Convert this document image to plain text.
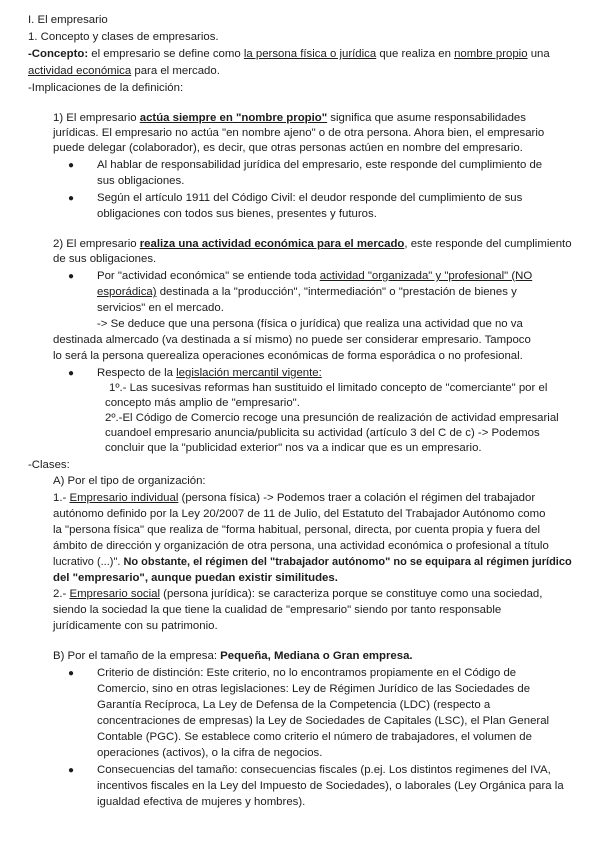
I. El empresario
1. Concepto y clases de empresarios.
-Concepto: el empresario se define como la persona física o jurídica que realiza en nombre propio una
actividad económica para el mercado.
-Implicaciones de la definición:
1) El empresario actúa siempre en "nombre propio" significa que asume responsabilidades
jurídicas. El empresario no actúa "en nombre ajeno" o de otra persona. Ahora bien, el empresario
puede delegar (colaborador), es decir, que otras personas actúen en nombre del empresario.
● Al hablar de responsabilidad jurídica del empresario, este responde del cumplimiento de
sus obligaciones.
● Según el artículo 1911 del Código Civil: el deudor responde del cumplimiento de sus
obligaciones con todos sus bienes, presentes y futuros.
2) El empresario realiza una actividad económica para el mercado, este responde del cumplimiento
de sus obligaciones.
● Por "actividad económica" se entiende toda actividad "organizada" y "profesional" (NO
esporádica) destinada a la "producción", "intermediación" o "prestación de bienes y
servicios" en el mercado.
-> Se deduce que una persona (física o jurídica) que realiza una actividad que no va
destinada almercado (va destinada a sí mismo) no puede ser considerar empresario. Tampoco
lo será la persona querealiza operaciones económicas de forma esporádica o no profesional.
● Respecto de la legislación mercantil vigente:
1º.- Las sucesivas reformas han sustituido el limitado concepto de "comerciante" por el
concepto más amplio de "empresario".
2º.-El Código de Comercio recoge una presunción de realización de actividad empresarial
cuandoel empresario anuncia/publicita su actividad (artículo 3 del C de c) -> Podemos
concluir que la "publicidad exterior" nos va a indicar que es un empresario.
-Clases:
A) Por el tipo de organización:
1.- Empresario individual (persona física) -> Podemos traer a colación el régimen del trabajador
autónomo definido por la Ley 20/2007 de 11 de Julio, del Estatuto del Trabajador Autónomo como
la "persona física" que realiza de "forma habitual, personal, directa, por cuenta propia y fuera del
ámbito de dirección y organización de otra persona, una actividad económica o profesional a título
lucrativo (...)". No obstante, el régimen del "trabajador autónomo" no se equipara al régimen jurídico
del "empresario", aunque puedan existir similitudes.
2.- Empresario social (persona jurídica): se caracteriza porque se constituye como una sociedad,
siendo la sociedad la que tiene la cualidad de "empresario" siendo por tanto responsable
jurídicamente con su patrimonio.
B) Por el tamaño de la empresa: Pequeña, Mediana o Gran empresa.
● Criterio de distinción: Este criterio, no lo encontramos propiamente en el Código de
Comercio, sino en otras legislaciones: Ley de Régimen Jurídico de las Sociedades de
Garantía Recíproca, La Ley de Defensa de la Competencia (LDC) (respecto a
concentraciones de empresas) la Ley de Sociedades de Capitales (LSC), el Plan General
Contable (PGC). Se establece como criterio el número de trabajadores, el volumen de
operaciones (activos), o la cifra de negocios.
● Consecuencias del tamaño: consecuencias fiscales (p.ej. Los distintos regimenes del IVA,
incentivos fiscales en la Ley del Impuesto de Sociedades), o laborales (Ley Orgánica para la
igualdad efectiva de mujeres y hombres).
